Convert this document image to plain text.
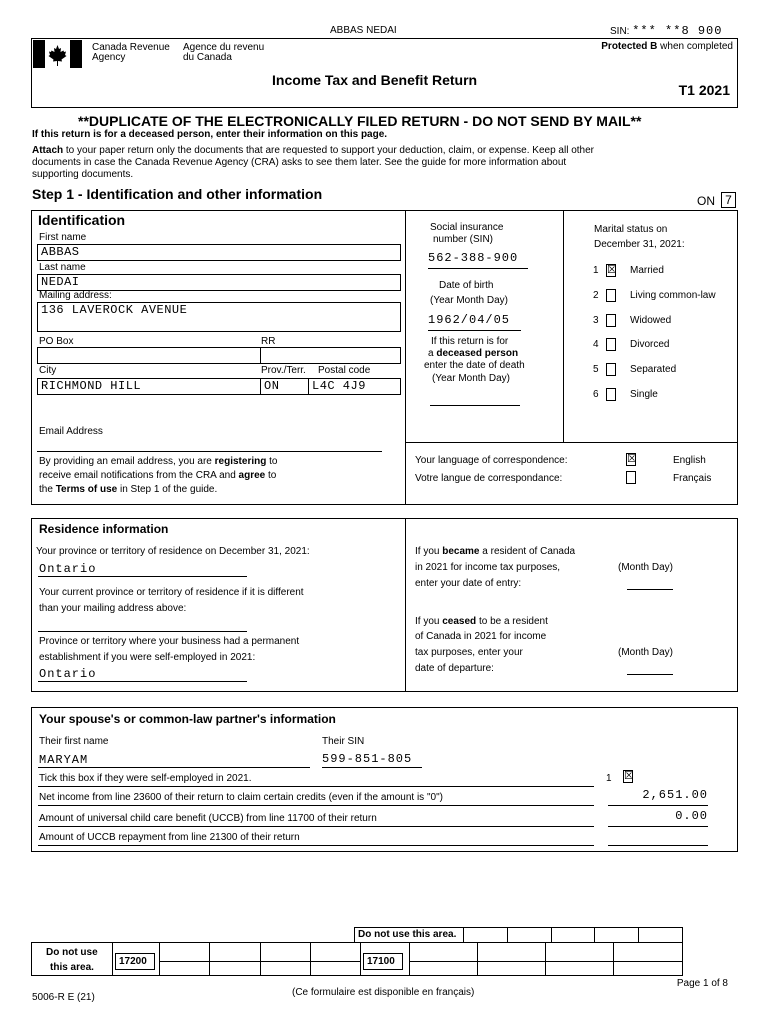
ABBAS NEDAI	SIN: *** **8 900
Canada Revenue
Agency
Agence du revenu
du Canada
Protected B when completed
Income Tax and Benefit Return
T1 2021
**DUPLICATE OF THE ELECTRONICALLY FILED RETURN - DO NOT SEND BY MAIL**
If this return is for a deceased person, enter their information on this page.
Attach to your paper return only the documents that are requested to support your deduction, claim, or expense. Keep all other
documents in case the Canada Revenue Agency (CRA) asks to see them later. See the guide for more information about
supporting documents.
Step 1 - Identification and other information	ON 7
Identification
First name
ABBAS
Last name
NEDAI
Mailing address:
136 LAVEROCK AVENUE
PO Box	RR
City	Prov./Terr. Postal code
RICHMOND HILL	ON	L4C 4J9
Email Address
By providing an email address, you are registering to
receive email notifications from the CRA and agree to
the Terms of use in Step 1 of the guide.
Social insurance
number (SIN)
562-388-900
Date of birth
(Year Month Day)
1962/04/05
If this return is for
a deceased person
enter the date of death
(Year Month Day)
Marital status on
December 31, 2021:
1 ☒ Married
2	Living common-law
3	Widowed
4	Divorced
5	Separated
6	Single
Your language of correspondence:
Votre langue de correspondance:
☒	English
Français
Residence information
Your province or territory of residence on December 31, 2021:
Ontario
Your current province or territory of residence if it is different
than your mailing address above:
Province or territory where your business had a permanent
establishment if you were self-employed in 2021:
Ontario
If you became a resident of Canada
in 2021 for income tax purposes,
enter your date of entry:
(Month Day)
If you ceased to be a resident
of Canada in 2021 for income
tax purposes, enter your
date of departure:
(Month Day)
Your spouse's or common-law partner's information
Their first name
MARYAM
Their SIN
599-851-805
Tick this box if they were self-employed in 2021.	1 ☒
Net income from line 23600 of their return to claim certain credits (even if the amount is "0")	2,651.00
Amount of universal child care benefit (UCCB) from line 11700 of their return	0.00
Amount of UCCB repayment from line 21300 of their return
Do not use this area.
Do not use
this area.
17200	17100
Page 1 of 8
5006-R E (21)	(Ce formulaire est disponible en français)
